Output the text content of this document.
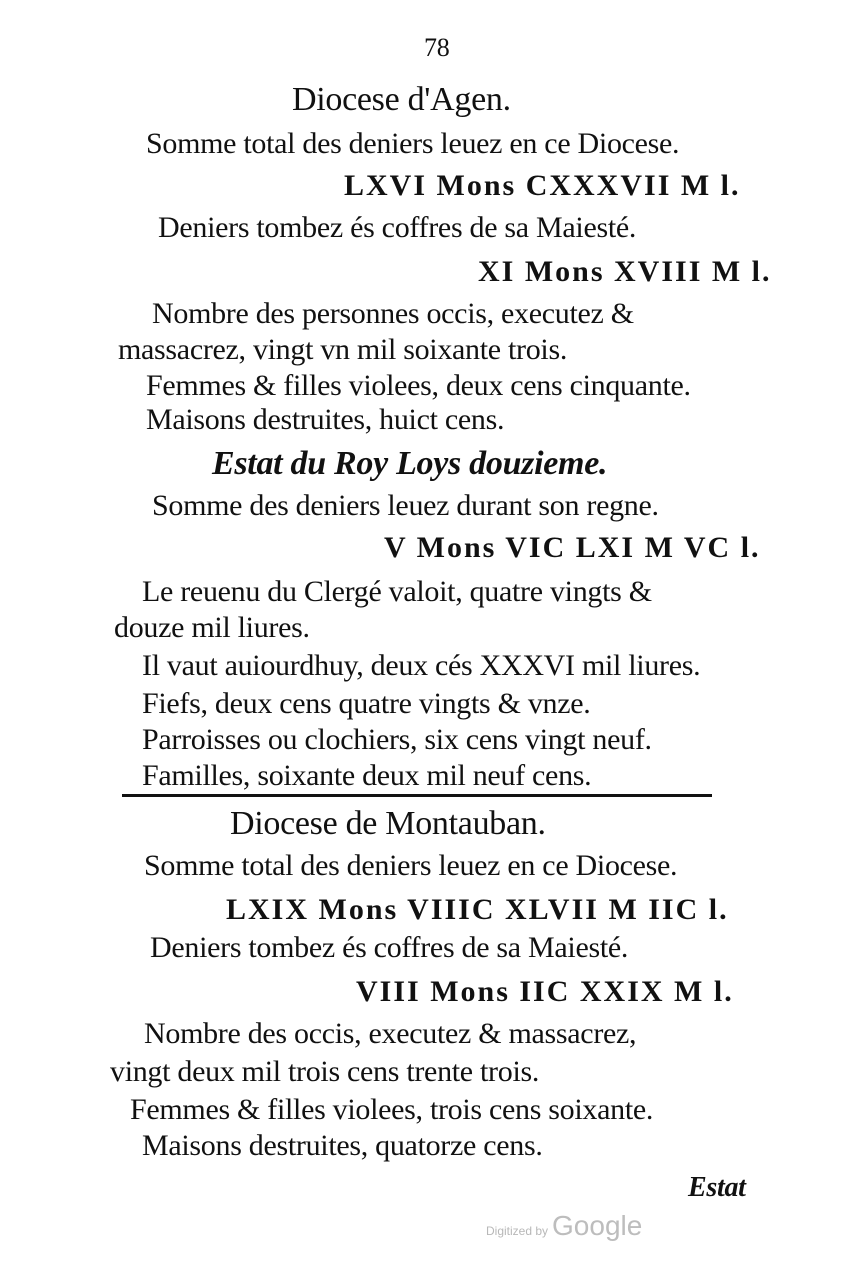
78

Diocese d'Agen.

Somme total des deniers leuez en ce Diocese.

LXVI Mons CXXXVII M l.

Deniers tombez és coffres de sa Maiesté.

XI Mons XVIII M l.

Nombre des personnes occis, executez &

massacrez, vingt vn mil soixante trois.

Femmes & filles violees, deux cens cinquante.

Maisons destruites, huict cens.

Estat du Roy Loys douzieme.

Somme des deniers leuez durant son regne.

V Mons VIC LXI M VC l.

Le reuenu du Clergé valoit, quatre vingts &

douze mil liures.

Il vaut auiourdhuy, deux cés XXXVI mil liures.

Fiefs, deux cens quatre vingts & vnze.

Parroisses ou clochiers, six cens vingt neuf.

Familles, soixante deux mil neuf cens.

Diocese de Montauban.

Somme total des deniers leuez en ce Diocese.

LXIX Mons VIIIC XLVII M IIC l.

Deniers tombez és coffres de sa Maiesté.

VIII Mons IIC XXIX M l.

Nombre des occis, executez & massacrez,

vingt deux mil trois cens trente trois.

Femmes & filles violees, trois cens soixante.

Maisons destruites, quatorze cens.

Estat

Digitized by Google
